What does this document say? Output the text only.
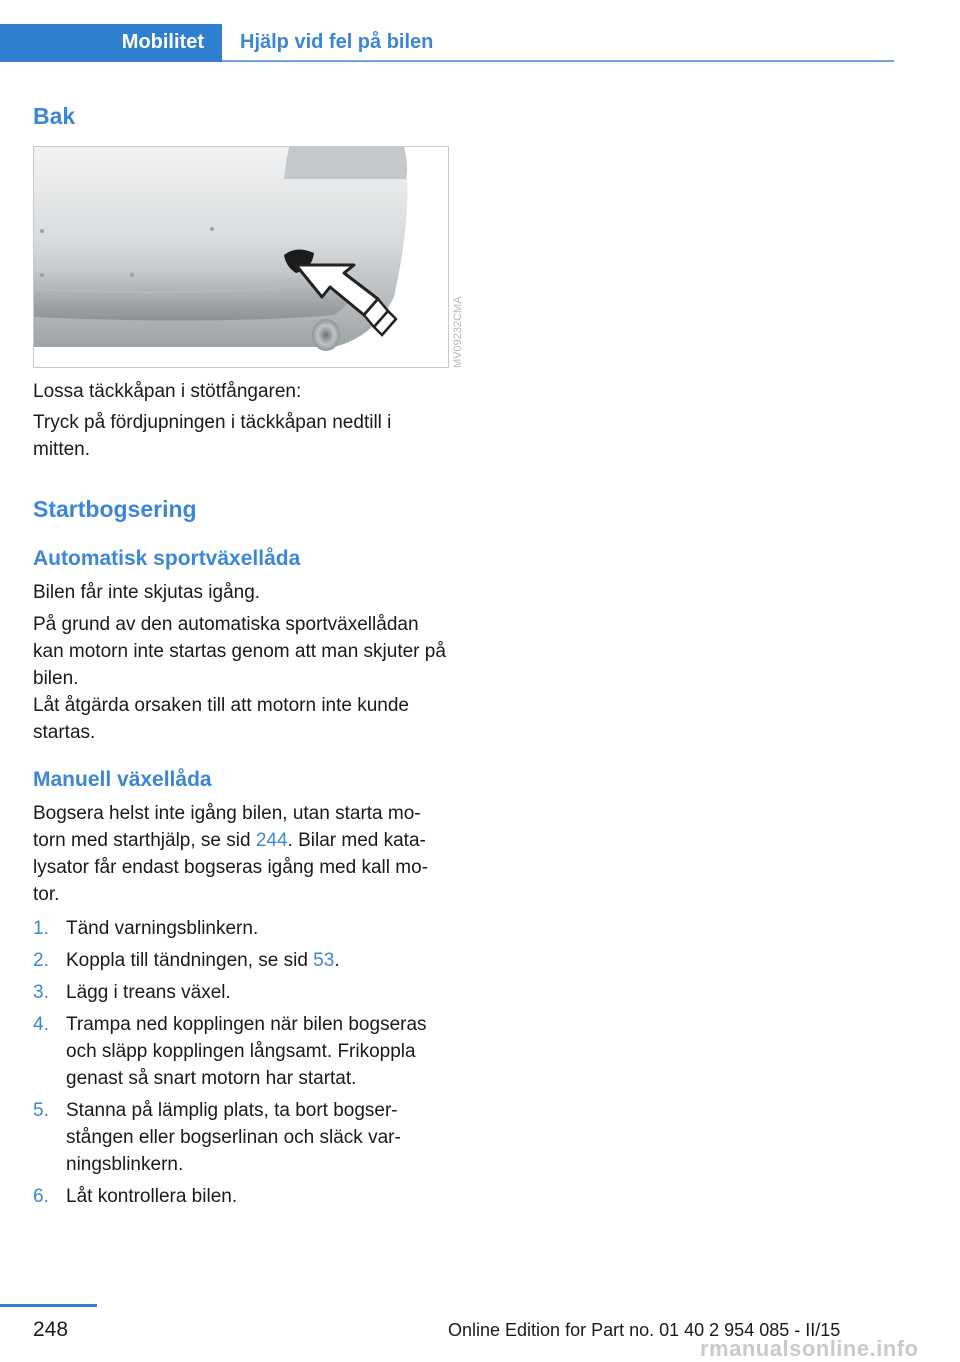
Mobilitet Hjälp vid fel på bilen
Bak
MV09232CMA
Lossa täckkåpan i stötfångaren:
Tryck på fördjupningen i täckkåpan nedtill i mitten.
Startbogsering
Automatisk sportväxellåda
Bilen får inte skjutas igång.
På grund av den automatiska sportväxellådan kan motorn inte startas genom att man skjuter på bilen.
Låt åtgärda orsaken till att motorn inte kunde startas.
Manuell växellåda
Bogsera helst inte igång bilen, utan starta mo-torn med starthjälp, se sid 244. Bilar med kata-lysator får endast bogseras igång med kall mo-tor.
1. Tänd varningsblinkern.
2. Koppla till tändningen, se sid 53.
3. Lägg i treans växel.
4. Trampa ned kopplingen när bilen bogseras och släpp kopplingen långsamt. Frikoppla genast så snart motorn har startat.
5. Stanna på lämplig plats, ta bort bogser-stången eller bogserlinan och släck var-ningsblinkern.
6. Låt kontrollera bilen.
248	Online Edition for Part no. 01 40 2 954 085 - II/15
rmanualsonline.info
